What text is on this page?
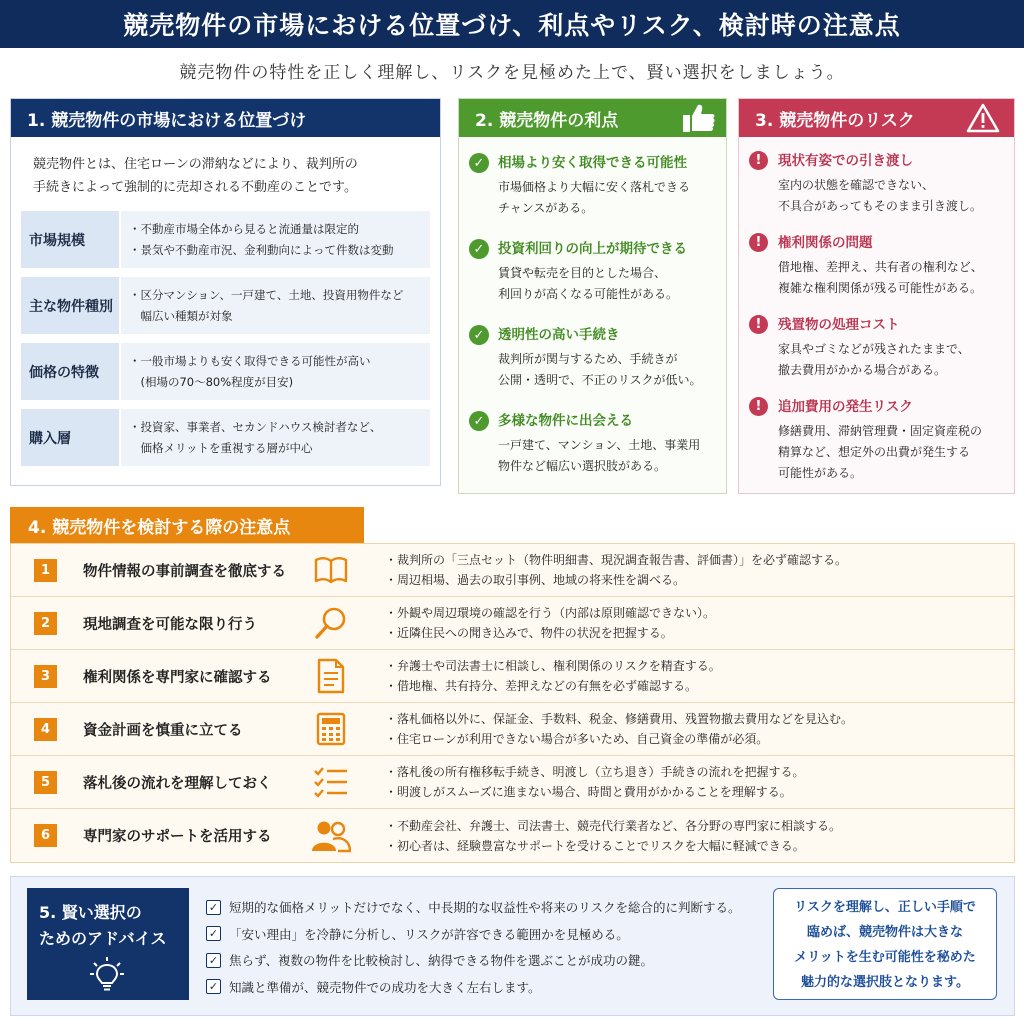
競売物件の市場における位置づけ、利点やリスク、検討時の注意点
競売物件の特性を正しく理解し、リスクを見極めた上で、賢い選択をしましょう。
1. 競売物件の市場における位置づけ
競売物件とは、住宅ローンの滞納などにより、裁判所の
手続きによって強制的に売却される不動産のことです。
市場規模
・不動産市場全体から見ると流通量は限定的
・景気や不動産市況、金利動向によって件数は変動
主な物件種別
・区分マンション、一戸建て、土地、投資用物件など
　幅広い種類が対象
価格の特徴
・一般市場よりも安く取得できる可能性が高い
　(相場の70～80%程度が目安)
購入層
・投資家、事業者、セカンドハウス検討者など、
　価格メリットを重視する層が中心
2. 競売物件の利点
✓	相場より安く取得できる可能性
市場価格より大幅に安く落札できる
チャンスがある。
✓	投資利回りの向上が期待できる
賃貸や転売を目的とした場合、
利回りが高くなる可能性がある。
✓	透明性の高い手続き
裁判所が関与するため、手続きが
公開・透明で、不正のリスクが低い。
✓	多様な物件に出会える
一戸建て、マンション、土地、事業用
物件など幅広い選択肢がある。
3. 競売物件のリスク
!	現状有姿での引き渡し
室内の状態を確認できない、
不具合があってもそのまま引き渡し。
!	権利関係の問題
借地権、差押え、共有者の権利など、
複雑な権利関係が残る可能性がある。
!	残置物の処理コスト
家具やゴミなどが残されたままで、
撤去費用がかかる場合がある。
!	追加費用の発生リスク
修繕費用、滞納管理費・固定資産税の
精算など、想定外の出費が発生する
可能性がある。
4. 競売物件を検討する際の注意点
1	物件情報の事前調査を徹底する
・裁判所の「三点セット（物件明細書、現況調査報告書、評価書）」を必ず確認する。
・周辺相場、過去の取引事例、地域の将来性を調べる。
2	現地調査を可能な限り行う
・外観や周辺環境の確認を行う（内部は原則確認できない）。
・近隣住民への聞き込みで、物件の状況を把握する。
3	権利関係を専門家に確認する
・弁護士や司法書士に相談し、権利関係のリスクを精査する。
・借地権、共有持分、差押えなどの有無を必ず確認する。
4	資金計画を慎重に立てる
・落札価格以外に、保証金、手数料、税金、修繕費用、残置物撤去費用などを見込む。
・住宅ローンが利用できない場合が多いため、自己資金の準備が必須。
5	落札後の流れを理解しておく
・落札後の所有権移転手続き、明渡し（立ち退き）手続きの流れを把握する。
・明渡しがスムーズに進まない場合、時間と費用がかかることを理解する。
6	専門家のサポートを活用する
・不動産会社、弁護士、司法書士、競売代行業者など、各分野の専門家に相談する。
・初心者は、経験豊富なサポートを受けることでリスクを大幅に軽減できる。
5. 賢い選択の
ためのアドバイス
✓ 短期的な価格メリットだけでなく、中長期的な収益性や将来のリスクを総合的に判断する。
✓ 「安い理由」を冷静に分析し、リスクが許容できる範囲かを見極める。
✓ 焦らず、複数の物件を比較検討し、納得できる物件を選ぶことが成功の鍵。
✓ 知識と準備が、競売物件での成功を大きく左右します。
リスクを理解し、正しい手順で
臨めば、競売物件は大きな
メリットを生む可能性を秘めた
魅力的な選択肢となります。
